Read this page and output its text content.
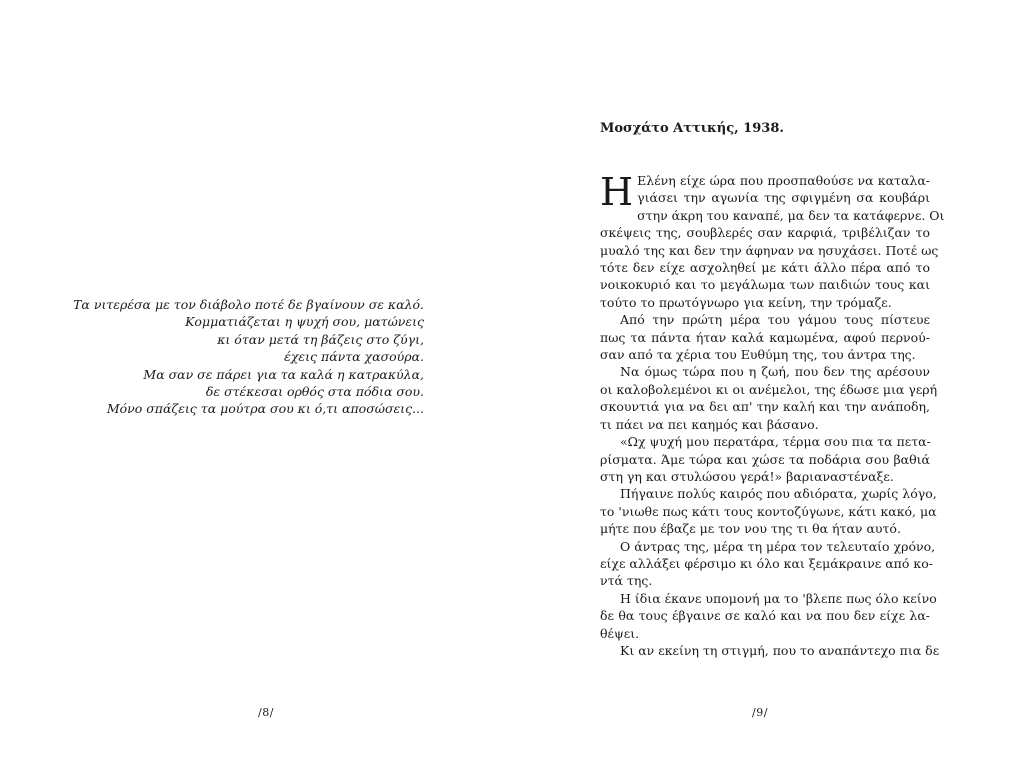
Τα νιτερέσα με τον διάβολο ποτέ δε βγαίνουν σε καλό.
Κομματιάζεται η ψυχή σου, ματώνεις
κι όταν μετά τη βάζεις στο ζύγι,
έχεις πάντα χασούρα.
Μα σαν σε πάρει για τα καλά η κατρακύλα,
δε στέκεσαι ορθός στα πόδια σου.
Μόνο σπάζεις τα μούτρα σου κι ό,τι αποσώσεις...
/8/
Μοσχάτο Αττικής, 1938.
Η Ελένη είχε ώρα που προσπαθούσε να καταλα-
γιάσει την αγωνία της σφιγμένη σα κουβάρι
στην άκρη του καναπέ, μα δεν τα κατάφερνε. Οι
σκέψεις της, σουβλερές σαν καρφιά, τριβέλιζαν το
μυαλό της και δεν την άφηναν να ησυχάσει. Ποτέ ως
τότε δεν είχε ασχοληθεί με κάτι άλλο πέρα από το
νοικοκυριό και το μεγάλωμα των παιδιών τους και
τούτο το πρωτόγνωρο για κείνη, την τρόμαζε.
Από την πρώτη μέρα του γάμου τους πίστευε
πως τα πάντα ήταν καλά καμωμένα, αφού περνού-
σαν από τα χέρια του Ευθύμη της, του άντρα της.
Να όμως τώρα που η ζωή, που δεν της αρέσουν
οι καλοβολεμένοι κι οι ανέμελοι, της έδωσε μια γερή
σκουντιά για να δει απ' την καλή και την ανάποδη,
τι πάει να πει καημός και βάσανο.
«Ωχ ψυχή μου περατάρα, τέρμα σου πια τα πετα-
ρίσματα. Άμε τώρα και χώσε τα ποδάρια σου βαθιά
στη γη και στυλώσου γερά!» βαριαναστέναξε.
Πήγαινε πολύς καιρός που αδιόρατα, χωρίς λόγο,
το 'νιωθε πως κάτι τους κοντοζύγωνε, κάτι κακό, μα
μήτε που έβαζε με τον νου της τι θα ήταν αυτό.
Ο άντρας της, μέρα τη μέρα τον τελευταίο χρόνο,
είχε αλλάξει φέρσιμο κι όλο και ξεμάκραινε από κο-
ντά της.
Η ίδια έκανε υπομονή μα το 'βλεπε πως όλο κείνο
δε θα τους έβγαινε σε καλό και να που δεν είχε λα-
θέψει.
Κι αν εκείνη τη στιγμή, που το αναπάντεχο πια δε
/9/
